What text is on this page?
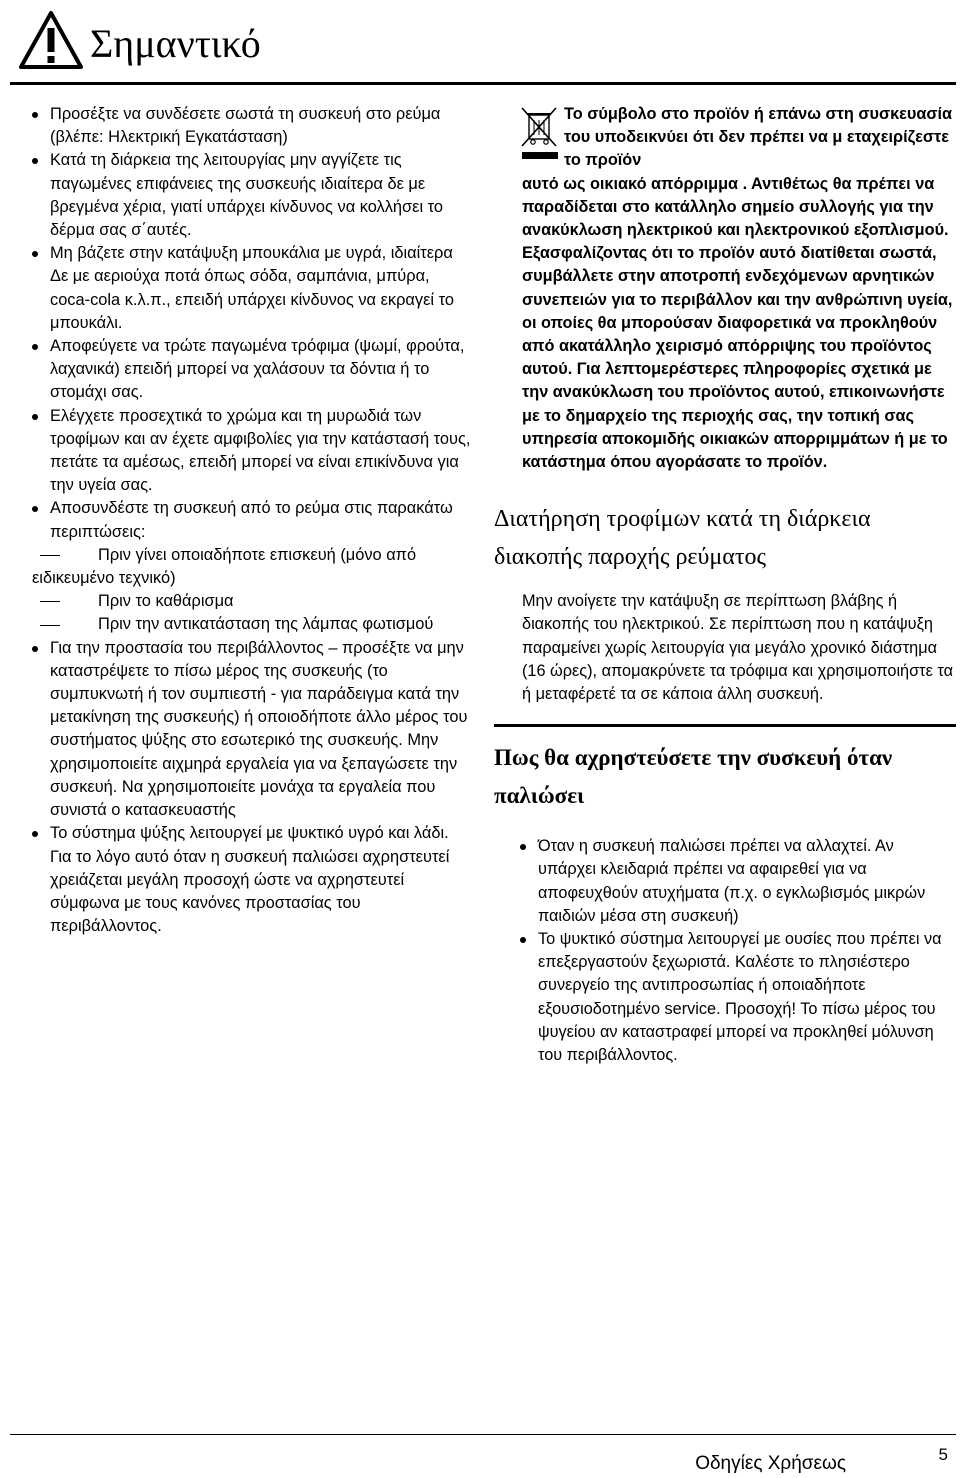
Σημαντικό
Προσέξτε να συνδέσετε σωστά τη συσκευή στο ρεύμα (βλέπε: Ηλεκτρική Εγκατάσταση)
Κατά τη διάρκεια της λειτουργίας μην αγγίζετε τις παγωμένες επιφάνειες της συσκευής ιδιαίτερα δε με βρεγμένα χέρια, γιατί υπάρχει κίνδυνος να κολλήσει το δέρμα σας σ΄αυτές.
Μη βάζετε στην κατάψυξη μπουκάλια με υγρά, ιδιαίτερα Δε με αεριούχα ποτά όπως σόδα, σαμπάνια, μπύρα, coca-cola κ.λ.π., επειδή υπάρχει κίνδυνος να εκραγεί το μπουκάλι.
Αποφεύγετε να τρώτε παγωμένα τρόφιμα (ψωμί, φρούτα, λαχανικά) επειδή μπορεί να χαλάσουν τα δόντια ή το στομάχι σας.
Ελέγχετε προσεχτικά το χρώμα και τη μυρωδιά των τροφίμων και αν έχετε αμφιβολίες για την κατάστασή τους, πετάτε τα αμέσως, επειδή μπορεί να είναι επικίνδυνα για την υγεία σας.
Αποσυνδέστε τη συσκευή από το ρεύμα στις παρακάτω περιπτώσεις:
Πριν γίνει οποιαδήποτε επισκευή (μόνο από ειδικευμένο τεχνικό)
Πριν το καθάρισμα
Πριν την αντικατάσταση της λάμπας φωτισμού
Για την προστασία του περιβάλλοντος – προσέξτε να μην καταστρέψετε το πίσω μέρος της συσκευής (το συμπυκνωτή ή τον συμπιεστή - για παράδειγμα κατά την μετακίνηση της συσκευής) ή οποιοδήποτε άλλο μέρος του συστήματος ψύξης στο εσωτερικό της συσκευής. Μην χρησιμοποιείτε αιχμηρά εργαλεία για να ξεπαγώσετε την συσκευή. Να χρησιμοποιείτε μονάχα τα εργαλεία που συνιστά ο κατασκευαστής
Το σύστημα ψύξης λειτουργεί με ψυκτικό υγρό και λάδι. Για το λόγο αυτό όταν η συσκευή παλιώσει αχρηστευτεί χρειάζεται μεγάλη προσοχή ώστε να αχρηστευτεί σύμφωνα με τους κανόνες προστασίας του περιβάλλοντος.
Το σύμβολο στο προϊόν ή επάνω στη συσκευασία του υποδεικνύει ότι δεν πρέπει να μ εταχειρίζεστε το προϊόν
αυτό ως οικιακό απόρριμμα . Αντιθέτως θα πρέπει να παραδίδεται στο κατάλληλο σημείο συλλογής για την ανακύκλωση ηλεκτρικού και ηλεκτρονικού εξοπλισμού. Εξασφαλίζοντας ότι το προϊόν αυτό διατίθεται σωστά, συμβάλλετε στην αποτροπή ενδεχόμενων αρνητικών συνεπειών για το περιβάλλον και την ανθρώπινη υγεία, οι οποίες θα μπορούσαν διαφορετικά να προκληθούν από ακατάλληλο χειρισμό απόρριψης του προϊόντος αυτού. Για λεπτομερέστερες πληροφορίες σχετικά με την ανακύκλωση του προϊόντος αυτού, επικοινωνήστε με το δημαρχείο της περιοχής σας, την τοπική σας υπηρεσία αποκομιδής οικιακών απορριμμάτων ή με το κατάστημα όπου αγοράσατε το προϊόν.
Διατήρηση τροφίμων κατά τη διάρκεια διακοπής παροχής ρεύματος
Μην ανοίγετε την κατάψυξη σε περίπτωση βλάβης ή διακοπής του ηλεκτρικού. Σε περίπτωση που η κατάψυξη παραμείνει χωρίς λειτουργία για μεγάλο χρονικό διάστημα (16 ώρες), απομακρύνετε τα τρόφιμα και χρησιμοποιήστε τα ή μεταφέρετέ τα σε κάποια άλλη συσκευή.
Πως θα αχρηστεύσετε την συσκευή όταν παλιώσει
Όταν η συσκευή παλιώσει πρέπει να αλλαχτεί. Αν υπάρχει κλειδαριά πρέπει να αφαιρεθεί για να αποφευχθούν ατυχήματα (π.χ. ο εγκλωβισμός μικρών παιδιών μέσα στη συσκευή)
Το ψυκτικό σύστημα λειτουργεί με ουσίες που πρέπει να επεξεργαστούν ξεχωριστά. Καλέστε το πλησιέστερο συνεργείο της αντιπροσωπίας ή οποιαδήποτε εξουσιοδοτημένο service. Προσοχή! Το πίσω μέρος του ψυγείου αν καταστραφεί μπορεί να προκληθεί μόλυνση του περιβάλλοντος.
Οδηγίες Χρήσεως	5
